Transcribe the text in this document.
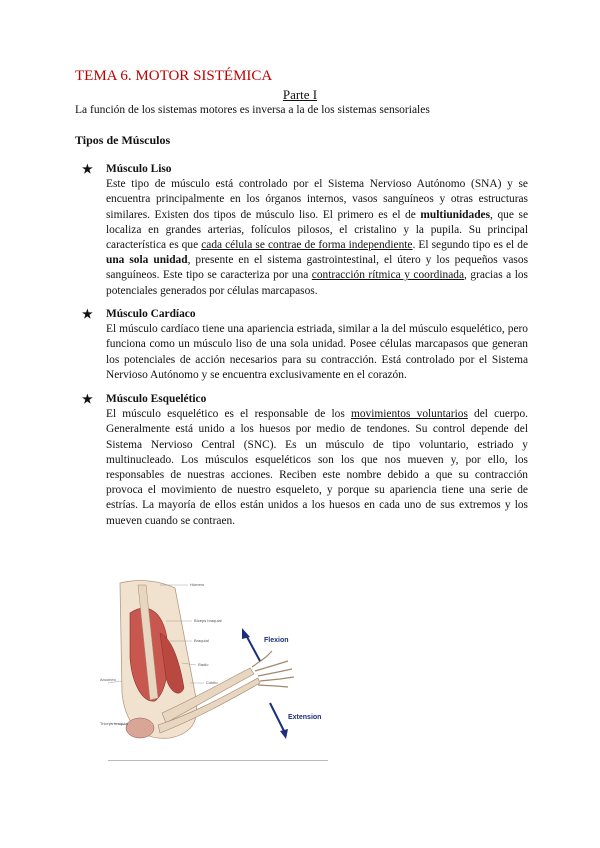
TEMA 6. MOTOR SISTÉMICA
Parte I
La función de los sistemas motores es inversa a la de los sistemas sensoriales
Tipos de Músculos
★	Músculo Liso

Este tipo de músculo está controlado por el Sistema Nervioso Autónomo (SNA) y se encuentra principalmente en los órganos internos, vasos sanguíneos y otras estructuras similares. Existen dos tipos de músculo liso. El primero es el de multiunidades, que se localiza en grandes arterias, folículos pilosos, el cristalino y la pupila. Su principal característica es que cada célula se contrae de forma independiente. El segundo tipo es el de una sola unidad, presente en el sistema gastrointestinal, el útero y los pequeños vasos sanguíneos. Este tipo se caracteriza por una contracción rítmica y coordinada, gracias a los potenciales generados por células marcapasos.

★	Músculo Cardíaco

El músculo cardíaco tiene una apariencia estriada, similar a la del músculo esquelético, pero funciona como un músculo liso de una sola unidad. Posee células marcapasos que generan los potenciales de acción necesarios para su contracción. Está controlado por el Sistema Nervioso Autónomo y se encuentra exclusivamente en el corazón.

★	Músculo Esquelético

El músculo esquelético es el responsable de los movimientos voluntarios del cuerpo. Generalmente está unido a los huesos por medio de tendones. Su control depende del Sistema Nervioso Central (SNC). Es un músculo de tipo voluntario, estriado y multinucleado. Los músculos esqueléticos son los que nos mueven y, por ello, los responsables de nuestras acciones. Reciben este nombre debido a que su contracción provoca el movimiento de nuestro esqueleto, y porque su apariencia tiene una serie de estrías. La mayoría de ellos están unidos a los huesos en cada uno de sus extremos y los mueven cuando se contraen.

Húmero
Bíceps braquial
Braquial
Radio
Cúbito
Ancóneo
Triceps braquial
Flexion
Extension
